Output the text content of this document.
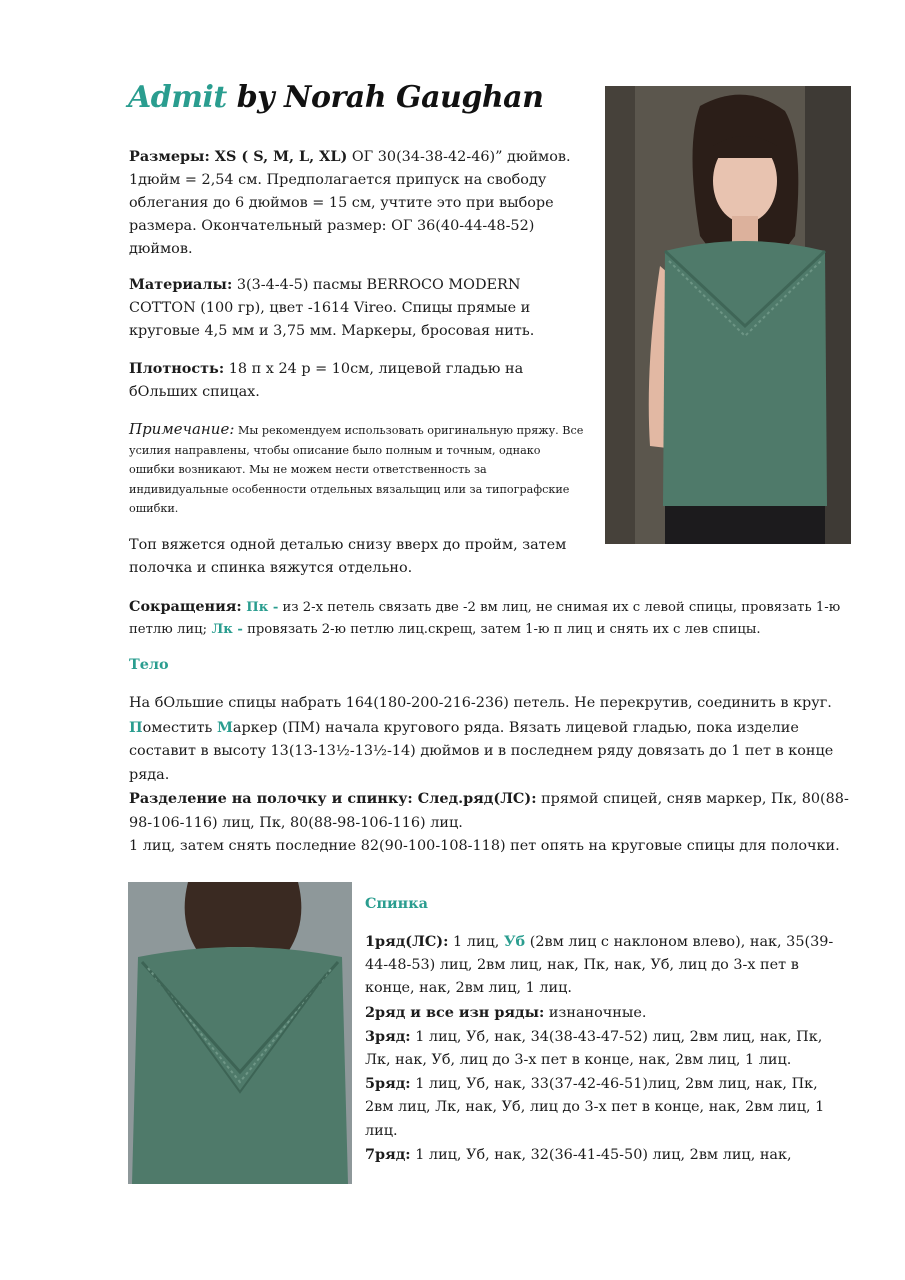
Admit by Norah Gaughan
Размеры: XS ( S, M, L, XL) ОГ 30(34-38-42-46)” дюймов. 1дюйм = 2,54 см. Предполагается припуск на свободу облегания до 6 дюймов = 15 см, учтите это при выборе размера. Окончательный размер: ОГ 36(40-44-48-52) дюймов.
Материалы: 3(3-4-4-5) пасмы BERROCO MODERN COTTON (100 гр), цвет -1614 Vireo. Спицы прямые и круговые 4,5 мм и 3,75 мм. Маркеры, бросовая нить.
Плотность: 18 п х 24 р = 10см, лицевой гладью на бОльших спицах.
Примечание: Мы рекомендуем использовать оригинальную пряжу. Все усилия направлены, чтобы описание было полным и точным, однако ошибки возникают. Мы не можем нести ответственность за индивидуальные особенности отдельных вязальщиц или за типографские ошибки.
Топ вяжется одной деталью снизу вверх до пройм, затем полочка и спинка вяжутся отдельно.
Сокращения: Пк - из 2-х петель связать две -2 вм лиц, не снимая их с левой спицы, провязать 1-ю петлю лиц; Лк - провязать 2-ю петлю лиц.скрещ, затем 1-ю п лиц и снять их с лев спицы.
Тело
На бОльшие спицы набрать 164(180-200-216-236) петель. Не перекрутив, соединить в круг. Поместить Маркер (ПМ) начала кругового ряда. Вязать лицевой гладью, пока изделие составит в высоту 13(13-13½-13½-14) дюймов и в последнем ряду довязать до 1 пет в конце ряда.
Разделение на полочку и спинку: След.ряд(ЛС): прямой спицей, сняв маркер, Пк, 80(88-98-106-116) лиц, Пк, 80(88-98-106-116) лиц.
1 лиц, затем снять последние 82(90-100-108-118) пет опять на круговые спицы для полочки.
Спинка
1ряд(ЛС): 1 лиц, Уб (2вм лиц с наклоном влево), нак, 35(39-44-48-53) лиц, 2вм лиц, нак, Пк, нак, Уб, лиц до 3-х пет в конце, нак, 2вм лиц, 1 лиц.
2ряд и все изн ряды: изнаночные.
3ряд: 1 лиц, Уб, нак, 34(38-43-47-52) лиц, 2вм лиц, нак, Пк, Лк, нак, Уб, лиц до 3-х пет в конце, нак, 2вм лиц, 1 лиц.
5ряд: 1 лиц, Уб, нак, 33(37-42-46-51)лиц, 2вм лиц, нак, Пк, 2вм лиц, Лк, нак, Уб, лиц до 3-х пет в конце, нак, 2вм лиц, 1 лиц.
7ряд: 1 лиц, Уб, нак, 32(36-41-45-50) лиц, 2вм лиц, нак,
